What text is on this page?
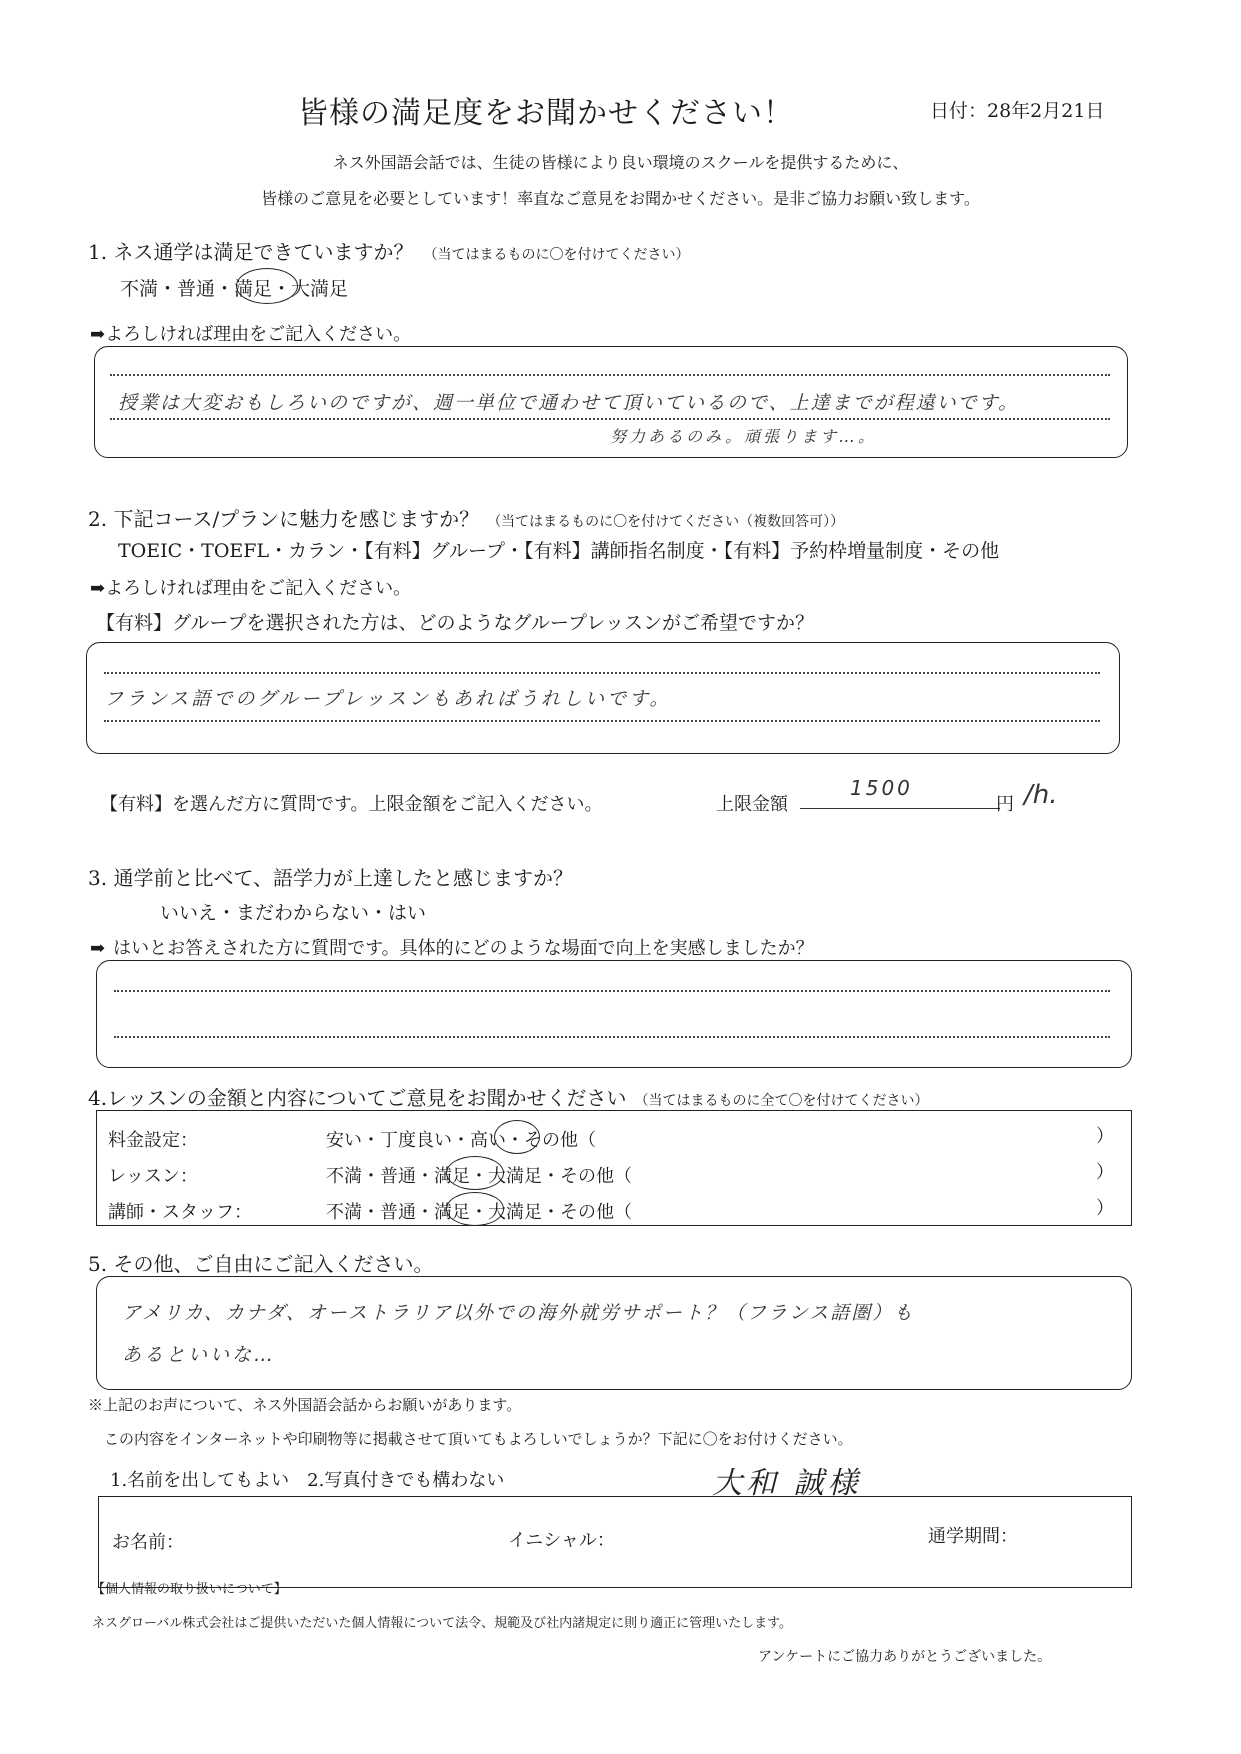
皆様の満足度をお聞かせください！	日付：28年2月21日
ネス外国語会話では、生徒の皆様により良い環境のスクールを提供するために、
皆様のご意見を必要としています！率直なご意見をお聞かせください。是非ご協力お願い致します。
1. ネス通学は満足できていますか？ （当てはまるものに〇を付けてください）
不満・普通・満足・大満足
➡よろしければ理由をご記入ください。
授業は大変おもしろいのですが、週一単位で通わせて頂いているので、上達までが程遠いです。
努力あるのみ。頑張ります…。
2. 下記コース/プランに魅力を感じますか？ （当てはまるものに〇を付けてください（複数回答可））
TOEIC・TOEFL・カラン・【有料】グループ・【有料】講師指名制度・【有料】予約枠増量制度・その他
➡よろしければ理由をご記入ください。
【有料】グループを選択された方は、どのようなグループレッスンがご希望ですか？
フランス語でのグループレッスンもあればうれしいです。
【有料】を選んだ方に質問です。上限金額をご記入ください。	上限金額
1500
円 /h.
3. 通学前と比べて、語学力が上達したと感じますか？
いいえ・まだわからない・はい
➡ はいとお答えされた方に質問です。具体的にどのような場面で向上を実感しましたか？
4.レッスンの金額と内容についてご意見をお聞かせください （当てはまるものに全て〇を付けてください）
料金設定：	安い・丁度良い・高い・その他（	）
レッスン：	不満・普通・満足・大満足・その他（	）
講師・スタッフ：	不満・普通・満足・大満足・その他（	）
5. その他、ご自由にご記入ください。
アメリカ、カナダ、オーストラリア以外での海外就労サポート？（フランス語圏）も
あるといいな…
※上記のお声について、ネス外国語会話からお願いがあります。
この内容をインターネットや印刷物等に掲載させて頂いてもよろしいでしょうか？下記に〇をお付けください。
1.名前を出してもよい　2.写真付きでも構わない	大和 誠様
お名前：	イニシャル：	通学期間：
【個人情報の取り扱いについて】
ネスグローバル株式会社はご提供いただいた個人情報について法令、規範及び社内諸規定に則り適正に管理いたします。
アンケートにご協力ありがとうございました。
